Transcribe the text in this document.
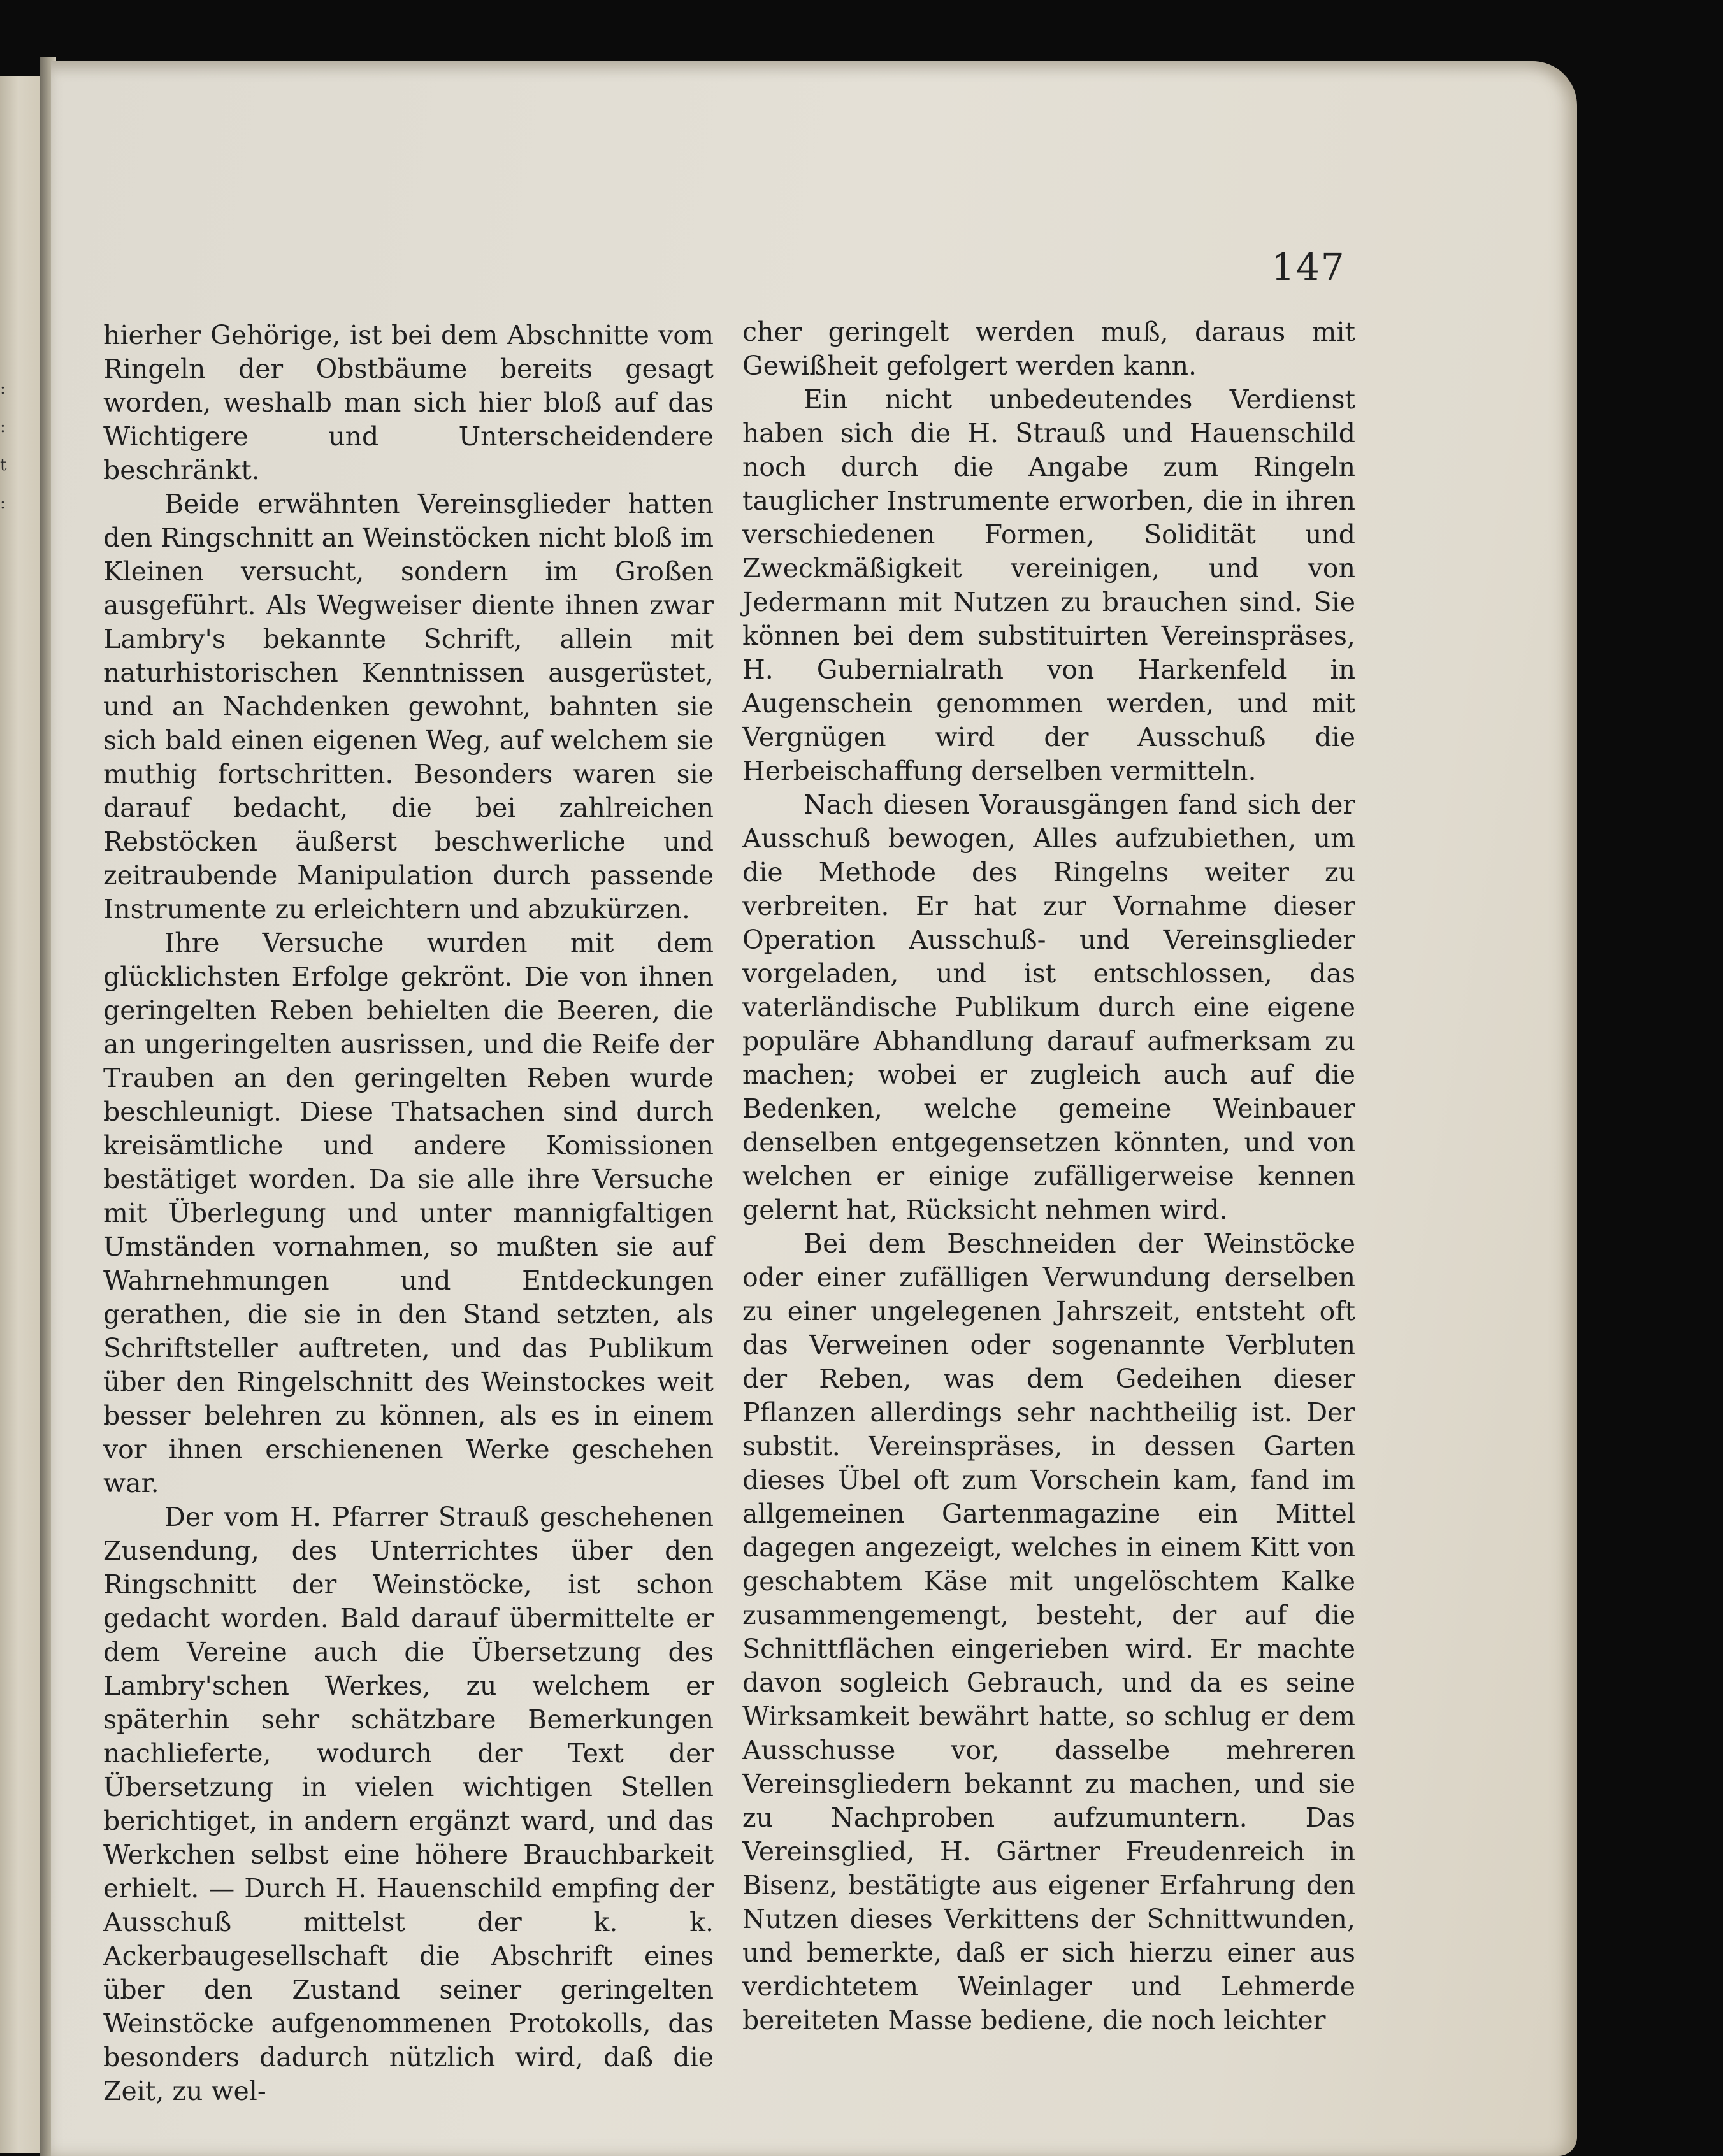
:
:
t
:
147

hierher Gehörige, ist bei dem Abschnitte vom Ringeln der Obstbäume bereits gesagt worden, weshalb man sich hier bloß auf das Wichtigere und Unterscheidendere beschränkt.

Beide erwähnten Vereinsglieder hatten den Ringschnitt an Weinstöcken nicht bloß im Kleinen versucht, sondern im Großen ausgeführt. Als Wegweiser diente ihnen zwar Lambry's bekannte Schrift, allein mit naturhistorischen Kenntnissen ausgerüstet, und an Nachdenken gewohnt, bahnten sie sich bald einen eigenen Weg, auf welchem sie muthig fortschritten. Besonders waren sie darauf bedacht, die bei zahlreichen Rebstöcken äußerst beschwerliche und zeitraubende Manipulation durch passende Instrumente zu erleichtern und abzukürzen.

Ihre Versuche wurden mit dem glücklichsten Erfolge gekrönt. Die von ihnen geringelten Reben behielten die Beeren, die an ungeringelten ausrissen, und die Reife der Trauben an den geringelten Reben wurde beschleunigt. Diese Thatsachen sind durch kreisämtliche und andere Komissionen bestätiget worden. Da sie alle ihre Versuche mit Überlegung und unter mannigfaltigen Umständen vornahmen, so mußten sie auf Wahrnehmungen und Entdeckungen gerathen, die sie in den Stand setzten, als Schriftsteller auftreten, und das Publikum über den Ringelschnitt des Weinstockes weit besser belehren zu können, als es in einem vor ihnen erschienenen Werke geschehen war.

Der vom H. Pfarrer Strauß geschehenen Zusendung, des Unterrichtes über den Ringschnitt der Weinstöcke, ist schon gedacht worden. Bald darauf übermittelte er dem Vereine auch die Übersetzung des Lambry'schen Werkes, zu welchem er späterhin sehr schätzbare Bemerkungen nachlieferte, wodurch der Text der Übersetzung in vielen wichtigen Stellen berichtiget, in andern ergänzt ward, und das Werkchen selbst eine höhere Brauchbarkeit erhielt. — Durch H. Hauenschild empfing der Ausschuß mittelst der k. k. Ackerbaugesellschaft die Abschrift eines über den Zustand seiner geringelten Weinstöcke aufgenommenen Protokolls, das besonders dadurch nützlich wird, daß die Zeit, zu wel-

cher geringelt werden muß, daraus mit Gewißheit gefolgert werden kann.

Ein nicht unbedeutendes Verdienst haben sich die H. Strauß und Hauenschild noch durch die Angabe zum Ringeln tauglicher Instrumente erworben, die in ihren verschiedenen Formen, Solidität und Zweckmäßigkeit vereinigen, und von Jedermann mit Nutzen zu brauchen sind. Sie können bei dem substituirten Vereinspräses, H. Gubernialrath von Harkenfeld in Augenschein genommen werden, und mit Vergnügen wird der Ausschuß die Herbeischaffung derselben vermitteln.

Nach diesen Vorausgängen fand sich der Ausschuß bewogen, Alles aufzubiethen, um die Methode des Ringelns weiter zu verbreiten. Er hat zur Vornahme dieser Operation Ausschuß- und Vereinsglieder vorgeladen, und ist entschlossen, das vaterländische Publikum durch eine eigene populäre Abhandlung darauf aufmerksam zu machen; wobei er zugleich auch auf die Bedenken, welche gemeine Weinbauer denselben entgegensetzen könnten, und von welchen er einige zufälligerweise kennen gelernt hat, Rücksicht nehmen wird.

Bei dem Beschneiden der Weinstöcke oder einer zufälligen Verwundung derselben zu einer ungelegenen Jahrszeit, entsteht oft das Verweinen oder sogenannte Verbluten der Reben, was dem Gedeihen dieser Pflanzen allerdings sehr nachtheilig ist. Der substit. Vereinspräses, in dessen Garten dieses Übel oft zum Vorschein kam, fand im allgemeinen Gartenmagazine ein Mittel dagegen angezeigt, welches in einem Kitt von geschabtem Käse mit ungelöschtem Kalke zusammengemengt, besteht, der auf die Schnittflächen eingerieben wird. Er machte davon sogleich Gebrauch, und da es seine Wirksamkeit bewährt hatte, so schlug er dem Ausschusse vor, dasselbe mehreren Vereinsgliedern bekannt zu machen, und sie zu Nachproben aufzumuntern. Das Vereinsglied, H. Gärtner Freudenreich in Bisenz, bestätigte aus eigener Erfahrung den Nutzen dieses Verkittens der Schnittwunden, und bemerkte, daß er sich hierzu einer aus verdichtetem Weinlager und Lehmerde bereiteten Masse bediene, die noch leichter
